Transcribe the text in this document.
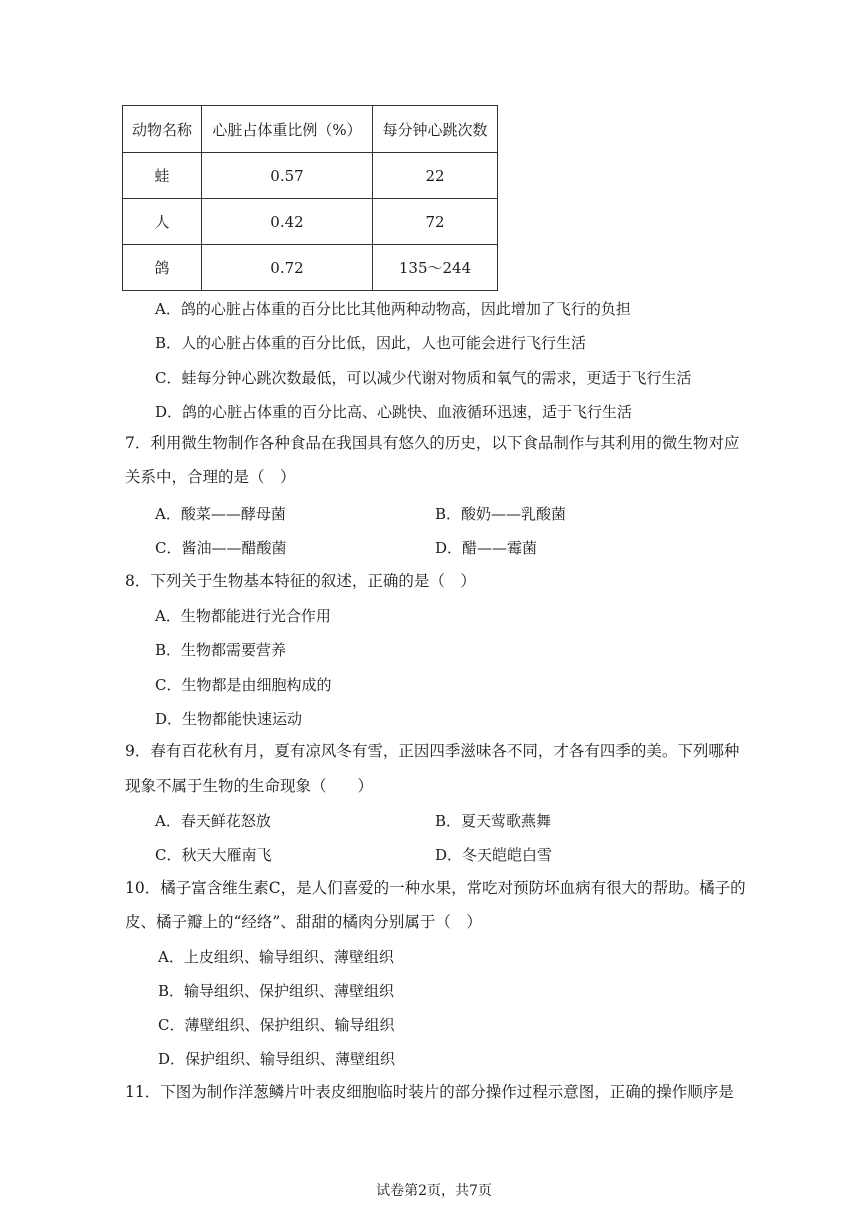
动物名称	心脏占体重比例（%）	每分钟心跳次数
蛙	0.57	22
人	0.42	72
鸽	0.72	135～244
A．鸽的心脏占体重的百分比比其他两种动物高，因此增加了飞行的负担
B．人的心脏占体重的百分比低，因此，人也可能会进行飞行生活
C．蛙每分钟心跳次数最低，可以减少代谢对物质和氧气的需求，更适于飞行生活
D．鸽的心脏占体重的百分比高、心跳快、血液循环迅速，适于飞行生活
7．利用微生物制作各种食品在我国具有悠久的历史，以下食品制作与其利用的微生物对应
关系中，合理的是（　）
A．酸菜——酵母菌	B．酸奶——乳酸菌
C．酱油——醋酸菌	D．醋——霉菌
8．下列关于生物基本特征的叙述，正确的是（　）
A．生物都能进行光合作用
B．生物都需要营养
C．生物都是由细胞构成的
D．生物都能快速运动
9．春有百花秋有月，夏有凉风冬有雪，正因四季滋味各不同，才各有四季的美。下列哪种
现象不属于生物的生命现象（　　）
A．春天鲜花怒放	B．夏天莺歌燕舞
C．秋天大雁南飞	D．冬天皑皑白雪
10．橘子富含维生素C，是人们喜爱的一种水果，常吃对预防坏血病有很大的帮助。橘子的
皮、橘子瓣上的“经络”、甜甜的橘肉分别属于（　）
A．上皮组织、输导组织、薄壁组织
B．输导组织、保护组织、薄壁组织
C．薄壁组织、保护组织、输导组织
D．保护组织、输导组织、薄壁组织
11．下图为制作洋葱鳞片叶表皮细胞临时装片的部分操作过程示意图，正确的操作顺序是
试卷第2页，共7页
